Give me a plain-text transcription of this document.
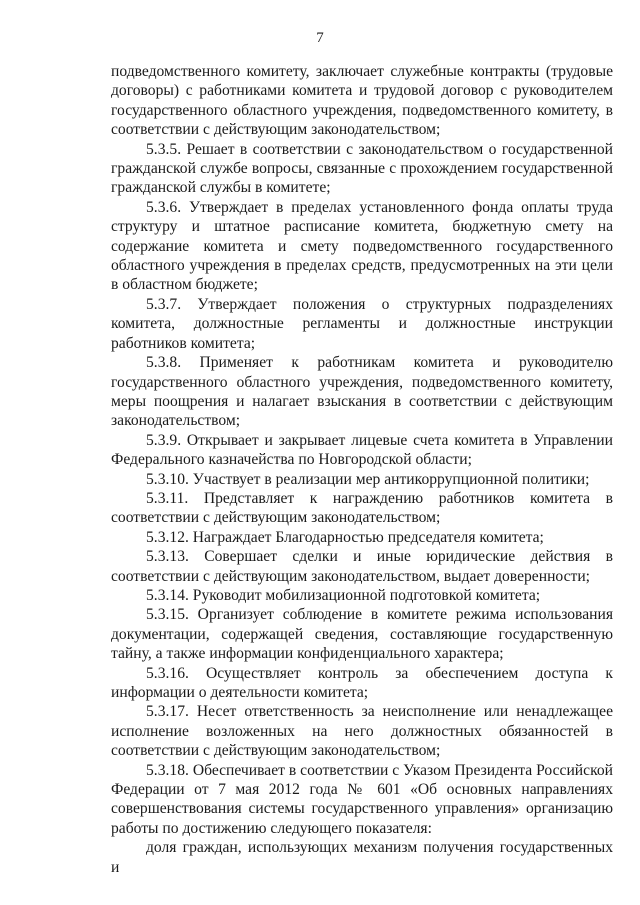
7

подведомственного комитету, заключает служебные контракты (трудовые договоры) с работниками комитета и трудовой договор с руководителем государственного областного учреждения, подведомственного комитету, в соответствии с действующим законодательством;

5.3.5. Решает в соответствии с законодательством о государственной гражданской службе вопросы, связанные с прохождением государственной гражданской службы в комитете;

5.3.6. Утверждает в пределах установленного фонда оплаты труда структуру и штатное расписание комитета, бюджетную смету на содержание комитета и смету подведомственного государственного областного учреждения в пределах средств, предусмотренных на эти цели в областном бюджете;

5.3.7. Утверждает положения о структурных подразделениях комитета, должностные регламенты и должностные инструкции работников комитета;

5.3.8. Применяет к работникам комитета и руководителю государственного областного учреждения, подведомственного комитету, меры поощрения и налагает взыскания в соответствии с действующим законодательством;

5.3.9. Открывает и закрывает лицевые счета комитета в Управлении Федерального казначейства по Новгородской области;

5.3.10. Участвует в реализации мер антикоррупционной политики;

5.3.11. Представляет к награждению работников комитета в соответствии с действующим законодательством;

5.3.12. Награждает Благодарностью председателя комитета;

5.3.13. Совершает сделки и иные юридические действия в соответствии с действующим законодательством, выдает доверенности;

5.3.14. Руководит мобилизационной подготовкой комитета;

5.3.15. Организует соблюдение в комитете режима использования документации, содержащей сведения, составляющие государственную тайну, а также информации конфиденциального характера;

5.3.16. Осуществляет контроль за обеспечением доступа к информации о деятельности комитета;

5.3.17. Несет ответственность за неисполнение или ненадлежащее исполнение возложенных на него должностных обязанностей в соответствии с действующим законодательством;

5.3.18. Обеспечивает в соответствии с Указом Президента Российской Федерации от 7 мая 2012 года № 601 «Об основных направлениях совершенствования системы государственного управления» организацию работы по достижению следующего показателя:

доля граждан, использующих механизм получения государственных и
